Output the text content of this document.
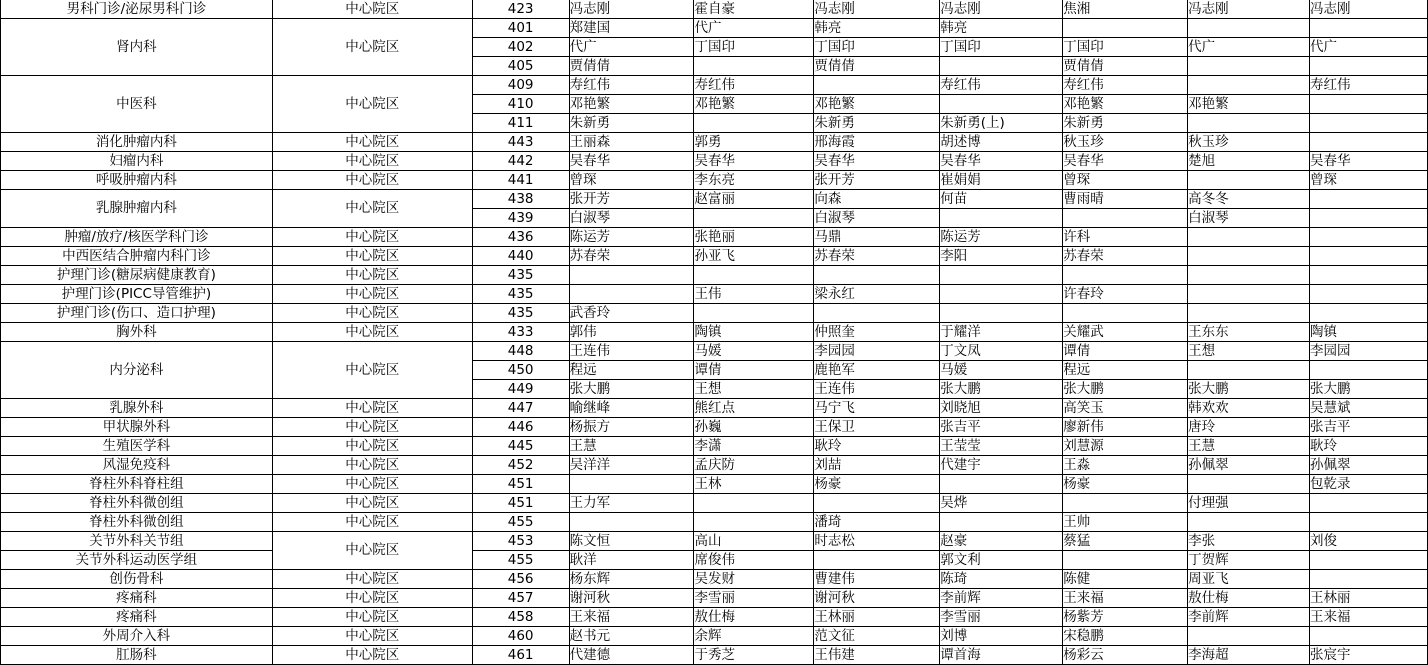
男科门诊/泌尿男科门诊	中心院区	423	冯志刚	霍自豪	冯志刚	冯志刚	焦湘	冯志刚	冯志刚
肾内科	中心院区	401	郑建国	代广	韩亮	韩亮			
		402	代广	丁国印	丁国印	丁国印	丁国印	代广	代广
		405	贾倩倩		贾倩倩		贾倩倩		
中医科	中心院区	409	寿红伟	寿红伟		寿红伟	寿红伟		寿红伟
		410	邓艳繁	邓艳繁	邓艳繁		邓艳繁	邓艳繁	
		411	朱新勇		朱新勇	朱新勇(上)	朱新勇		
消化肿瘤内科	中心院区	443	王丽森	郭勇	邢海霞	胡述博	秋玉珍	秋玉珍	
妇瘤内科	中心院区	442	吴春华	吴春华	吴春华	吴春华	吴春华	楚旭	吴春华
呼吸肿瘤内科	中心院区	441	曾琛	李东亮	张开芳	崔娟娟	曾琛		曾琛
乳腺肿瘤内科	中心院区	438	张开芳	赵富丽	向森	何苗	曹雨晴	高冬冬	
		439	白淑琴		白淑琴			白淑琴	
肿瘤/放疗/核医学科门诊	中心院区	436	陈运芳	张艳丽	马鼎	陈运芳	许科		
中西医结合肿瘤内科门诊	中心院区	440	苏春荣	孙亚飞	苏春荣	李阳	苏春荣		
护理门诊(糖尿病健康教育)	中心院区	435							
护理门诊(PICC导管维护)	中心院区	435		王伟	梁永红		许春玲		
护理门诊(伤口、造口护理)	中心院区	435	武香玲						
胸外科	中心院区	433	郭伟	陶镇	仲照奎	于耀洋	关耀武	王东东	陶镇
内分泌科	中心院区	448	王连伟	马媛	李园园	丁文凤	谭倩	王想	李园园
		450	程远	谭倩	鹿艳军	马媛	程远		
		449	张大鹏	王想	王连伟	张大鹏	张大鹏	张大鹏	张大鹏
乳腺外科	中心院区	447	喻继峰	熊红点	马宁飞	刘晓旭	高笑玉	韩欢欢	吴慧斌
甲状腺外科	中心院区	446	杨振方	孙巍	王保卫	张吉平	廖新伟	唐玲	张吉平
生殖医学科	中心院区	445	王慧	李潇	耿玲	王莹莹	刘慧源	王慧	耿玲
风湿免疫科	中心院区	452	吴洋洋	孟庆防	刘喆	代建宇	王淼	孙佩翠	孙佩翠
脊柱外科脊柱组	中心院区	451		王林	杨豪		杨豪		包乾录
脊柱外科微创组	中心院区	451	王力军			吴烨		付理强	
脊柱外科微创组	中心院区	455			潘琦		王帅		
关节外科关节组	中心院区	453	陈文恒	高山	时志松	赵豪	蔡猛	李张	刘俊
关节外科运动医学组		455	耿洋	席俊伟		郭文利		丁贺辉	
创伤骨科	中心院区	456	杨东辉	吴发财	曹建伟	陈琦	陈健	周亚飞	
疼痛科	中心院区	457	谢河秋	李雪丽	谢河秋	李前辉	王来福	敖仕梅	王林丽
疼痛科	中心院区	458	王来福	敖仕梅	王林丽	李雪丽	杨紫芳	李前辉	王来福
外周介入科	中心院区	460	赵书元	余辉	范文征	刘博	宋稳鹏		
肛肠科	中心院区	461	代建德	于秀芝	王伟建	谭首海	杨彩云	李海超	张宸宇
